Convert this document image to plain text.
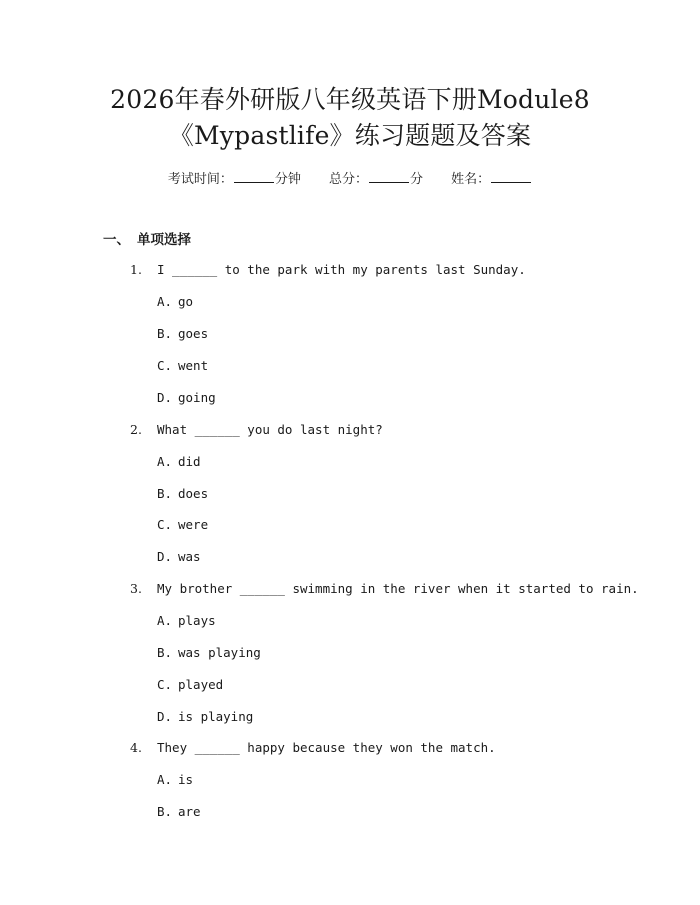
2026年春外研版八年级英语下册Module8
《Mypastlife》练习题题及答案
考试时间：	分钟 总分：	分 姓名：
一、 单项选择
1. I ______ to the park with my parents last Sunday.
A. go
B. goes
C. went
D. going
2. What ______ you do last night?
A. did
B. does
C. were
D. was
3. My brother ______ swimming in the river when it started to rain.
A. plays
B. was playing
C. played
D. is playing
4. They ______ happy because they won the match.
A. is
B. are
